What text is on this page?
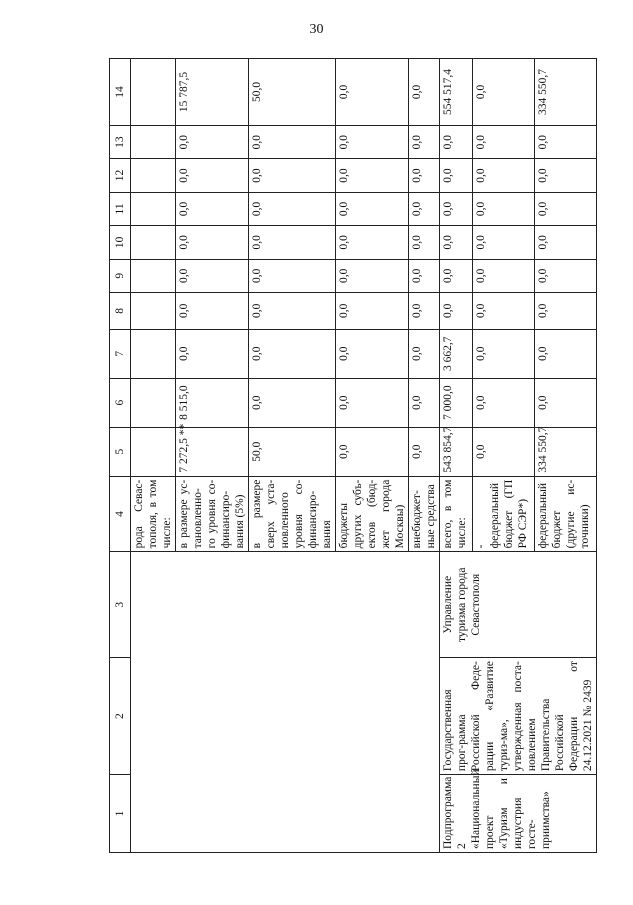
30
1	2	3	4	5	6	7	8	9	10	11	12	13	14
			рода Севас-тополя, в том числе:										
			в размере ус-тановленно-го уровня со-финансиро-вания (5%)	7 272,5 **	8 515,0	0,0	0,0	0,0	0,0	0,0	0,0	0,0	15 787,5
			в размере сверх уста-новленного уровня со-финансиро-вания	50,0	0,0	0,0	0,0	0,0	0,0	0,0	0,0	0,0	50,0
			бюджеты других субъ-ектов (бюд-жет города Москвы)	0,0	0,0	0,0	0,0	0,0	0,0	0,0	0,0	0,0	0,0
			внебюджет-ные средства	0,0	0,0	0,0	0,0	0,0	0,0	0,0	0,0	0,0	0,0
Подпрограмма 2 «Национальный проект «Туризм и индустрия госте-приимства»	Государственная прог-рамма Российской Феде-рации «Развитие туриз-ма», утвержденная поста-новлением Правительства Российской Федерации от 24.12.2021 № 2439	Управление туризма города Севастополя	всего, в том числе:	543 854,7	7 000,0	3 662,7	0,0	0,0	0,0	0,0	0,0	0,0	554 517,4
			- федеральный бюджет (ГП РФ СЭР*)	0,0	0,0	0,0	0,0	0,0	0,0	0,0	0,0	0,0	0,0
			федеральный бюджет (другие ис-точники)	334 550,7	0,0	0,0	0,0	0,0	0,0	0,0	0,0	0,0	334 550,7
